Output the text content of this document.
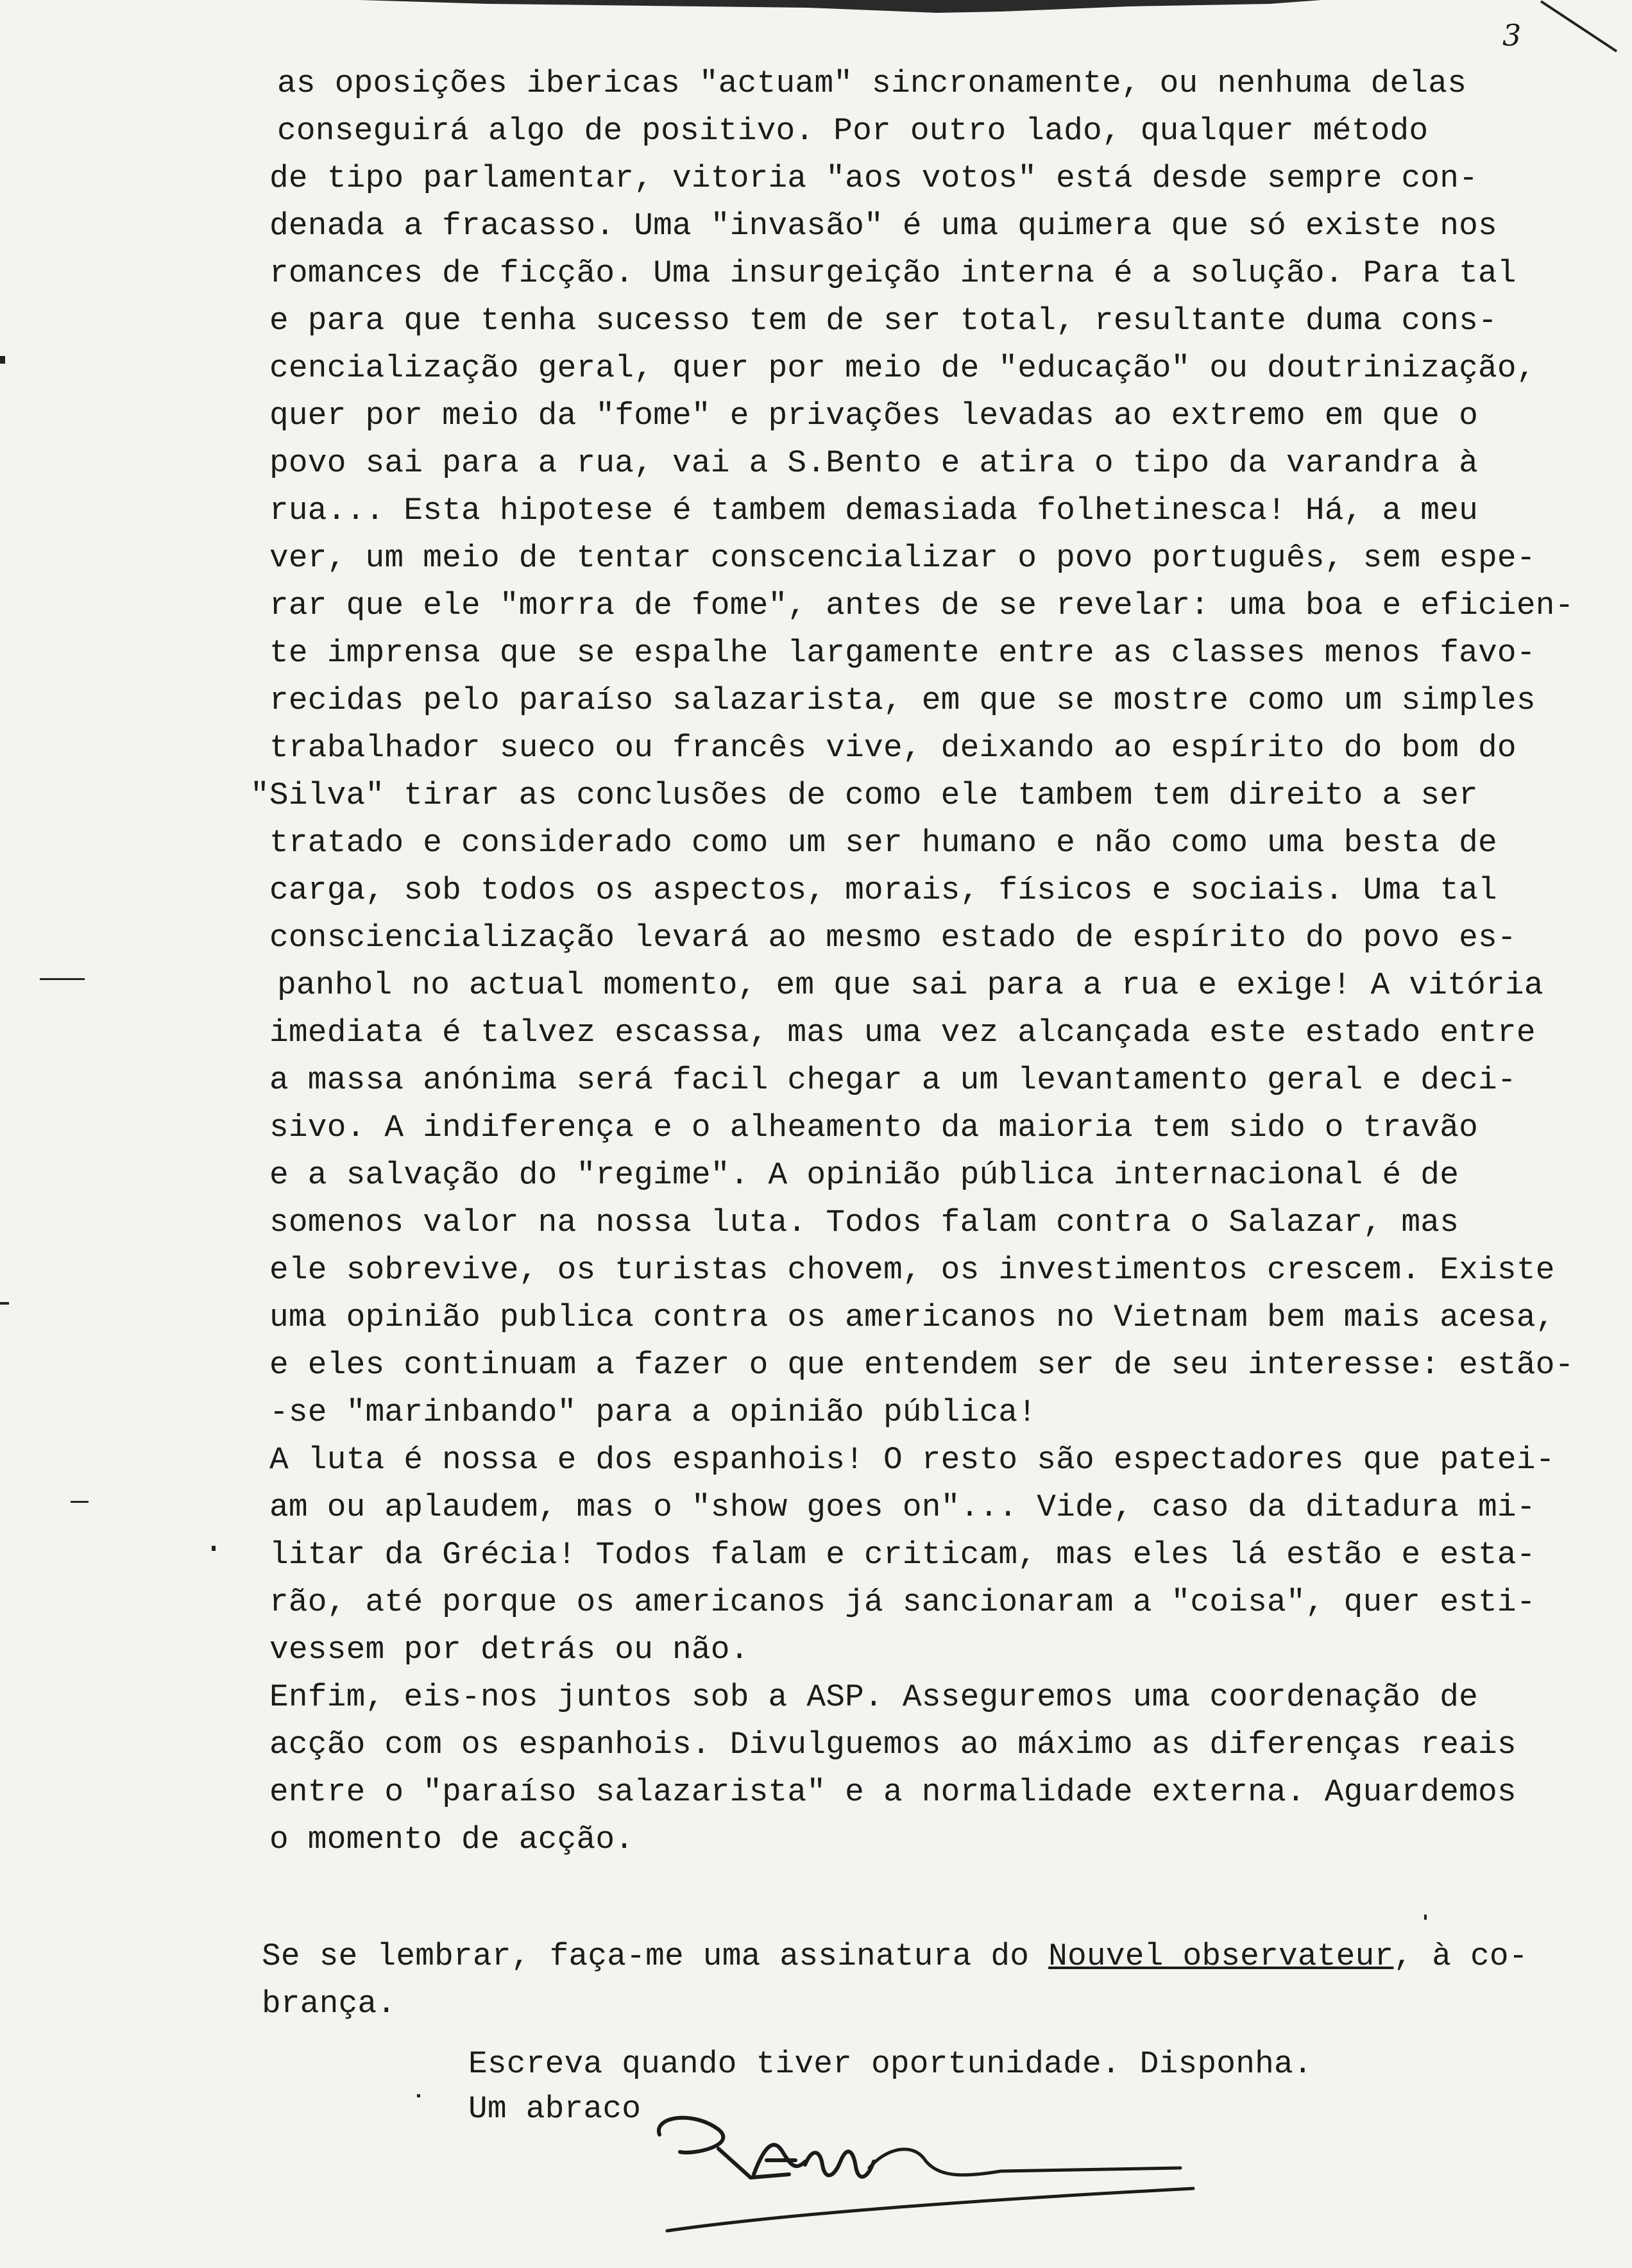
3
as oposições ibericas "actuam" sincronamente, ou nenhuma delas
conseguirá algo de positivo. Por outro lado, qualquer método
de tipo parlamentar, vitoria "aos votos" está desde sempre con-
denada a fracasso. Uma "invasão" é uma quimera que só existe nos
romances de ficção. Uma insurgeição interna é a solução. Para tal
e para que tenha sucesso tem de ser total, resultante duma cons-
cencialização geral, quer por meio de "educação" ou doutrinização,
quer por meio da "fome" e privações levadas ao extremo em que o
povo sai para a rua, vai a S.Bento e atira o tipo da varandra à
rua... Esta hipotese é tambem demasiada folhetinesca! Há, a meu
ver, um meio de tentar conscencializar o povo português, sem espe-
rar que ele "morra de fome", antes de se revelar: uma boa e eficien-
te imprensa que se espalhe largamente entre as classes menos favo-
recidas pelo paraíso salazarista, em que se mostre como um simples
trabalhador sueco ou francês vive, deixando ao espírito do bom do
"Silva" tirar as conclusões de como ele tambem tem direito a ser
tratado e considerado como um ser humano e não como uma besta de
carga, sob todos os aspectos, morais, físicos e sociais. Uma tal
consciencialização levará ao mesmo estado de espírito do povo es-
panhol no actual momento, em que sai para a rua e exige! A vitória
imediata é talvez escassa, mas uma vez alcançada este estado entre
a massa anónima será facil chegar a um levantamento geral e deci-
sivo. A indiferença e o alheamento da maioria tem sido o travão
e a salvação do "regime". A opinião pública internacional é de
somenos valor na nossa luta. Todos falam contra o Salazar, mas
ele sobrevive, os turistas chovem, os investimentos crescem. Existe
uma opinião publica contra os americanos no Vietnam bem mais acesa,
e eles continuam a fazer o que entendem ser de seu interesse: estão-
-se "marinbando" para a opinião pública!
A luta é nossa e dos espanhois! O resto são espectadores que patei-
am ou aplaudem, mas o "show goes on"... Vide, caso da ditadura mi-
litar da Grécia! Todos falam e criticam, mas eles lá estão e esta-
rão, até porque os americanos já sancionaram a "coisa", quer esti-
vessem por detrás ou não.
Enfim, eis-nos juntos sob a ASP. Asseguremos uma coordenação de
acção com os espanhois. Divulguemos ao máximo as diferenças reais
entre o "paraíso salazarista" e a normalidade externa. Aguardemos
o momento de acção.
Se se lembrar, faça-me uma assinatura do Nouvel observateur, à co-
brança.
Escreva quando tiver oportunidade. Disponha.
Um abraco
